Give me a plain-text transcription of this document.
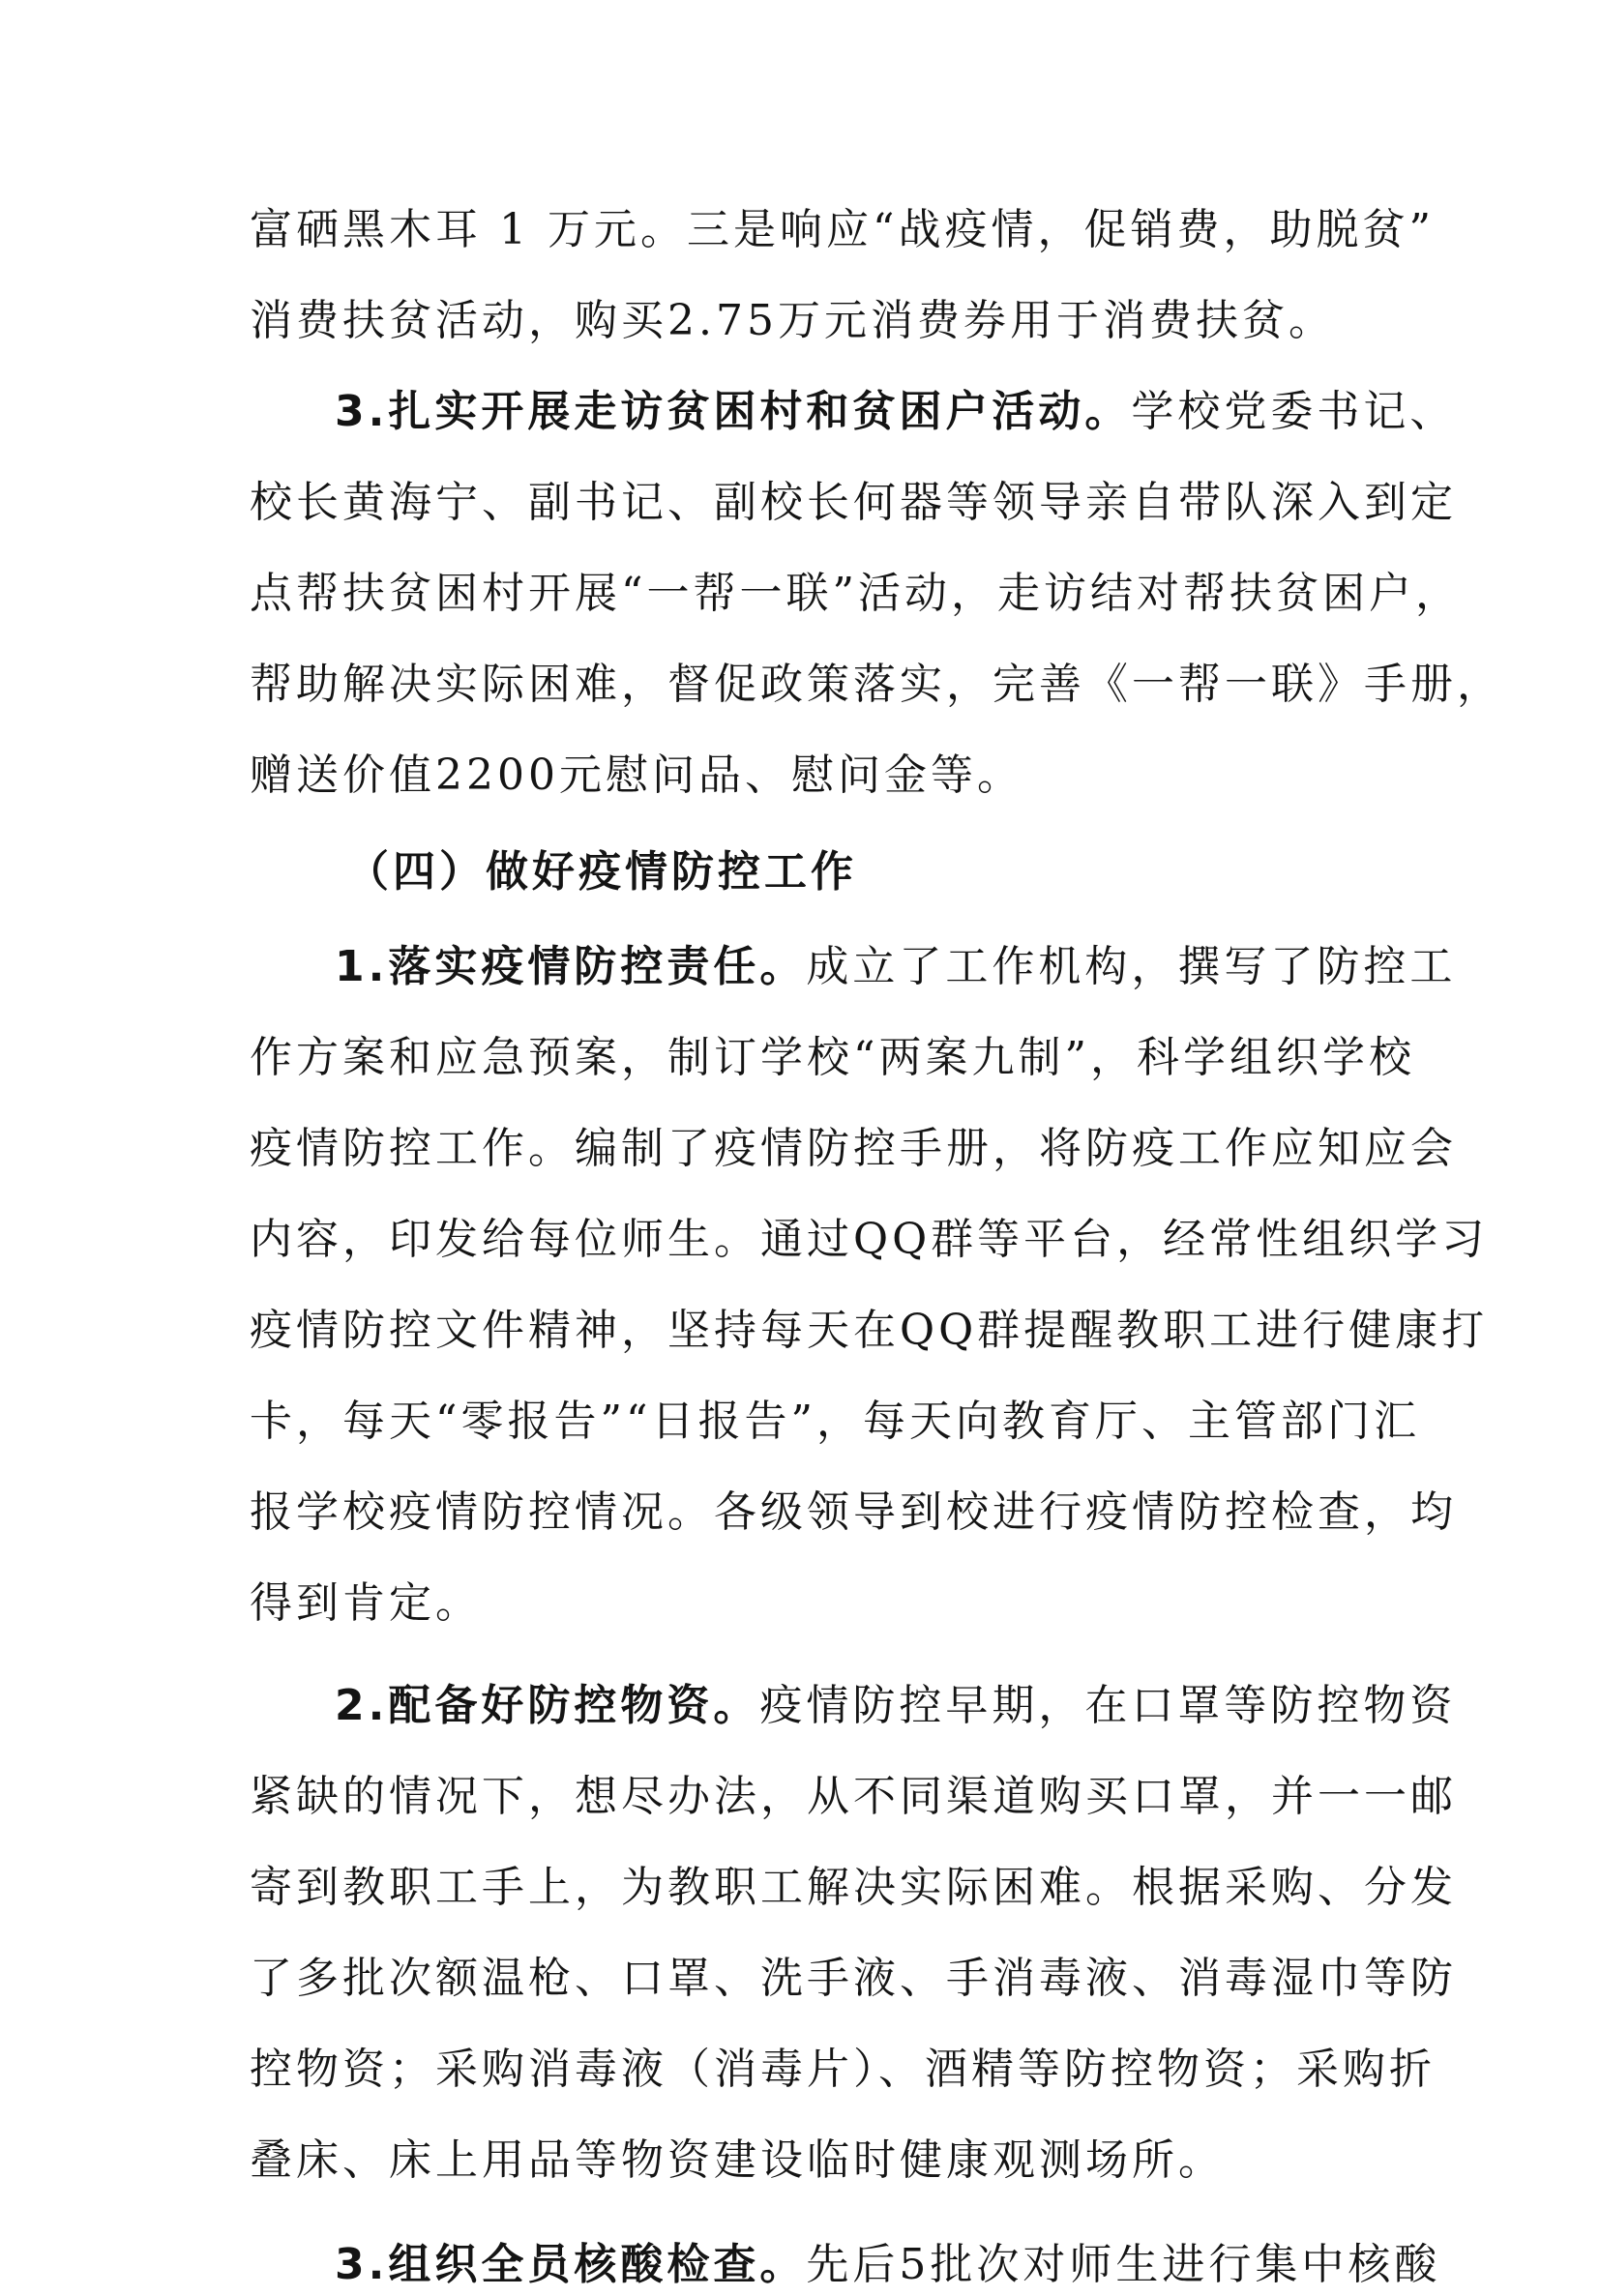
富硒黑木耳 1 万元。三是响应“战疫情，促销费，助脱贫”
消费扶贫活动，购买2.75万元消费券用于消费扶贫。
3.扎实开展走访贫困村和贫困户活动。学校党委书记、
校长黄海宁、副书记、副校长何器等领导亲自带队深入到定
点帮扶贫困村开展“一帮一联”活动，走访结对帮扶贫困户，
帮助解决实际困难，督促政策落实，完善《一帮一联》手册，
赠送价值2200元慰问品、慰问金等。
（四）做好疫情防控工作
1.落实疫情防控责任。成立了工作机构，撰写了防控工
作方案和应急预案，制订学校“两案九制”，科学组织学校
疫情防控工作。编制了疫情防控手册，将防疫工作应知应会
内容，印发给每位师生。通过QQ群等平台，经常性组织学习
疫情防控文件精神，坚持每天在QQ群提醒教职工进行健康打
卡，每天“零报告”“日报告”，每天向教育厅、主管部门汇
报学校疫情防控情况。各级领导到校进行疫情防控检查，均
得到肯定。
2.配备好防控物资。疫情防控早期，在口罩等防控物资
紧缺的情况下，想尽办法，从不同渠道购买口罩，并一一邮
寄到教职工手上，为教职工解决实际困难。根据采购、分发
了多批次额温枪、口罩、洗手液、手消毒液、消毒湿巾等防
控物资；采购消毒液（消毒片）、酒精等防控物资；采购折
叠床、床上用品等物资建设临时健康观测场所。
3.组织全员核酸检查。先后5批次对师生进行集中核酸
